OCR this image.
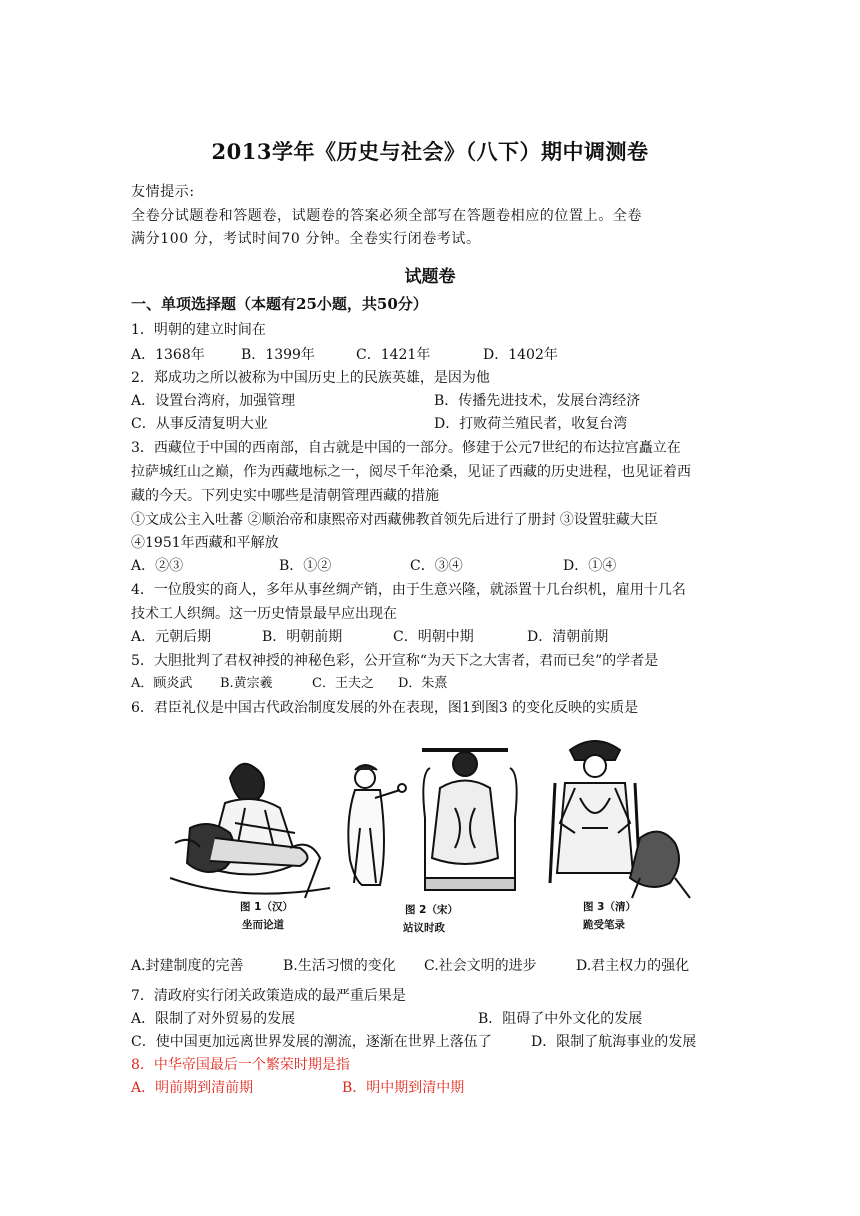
2013学年《历史与社会》（八下）期中调测卷
友情提示:
全卷分试题卷和答题卷，试题卷的答案必须全部写在答题卷相应的位置上。全卷
满分100 分，考试时间70 分钟。全卷实行闭卷考试。
试题卷
一、单项选择题（本题有25小题，共50分）
1．明朝的建立时间在
A．1368年	B．1399年	C．1421年	D．1402年
2．郑成功之所以被称为中国历史上的民族英雄，是因为他
A．设置台湾府，加强管理	B．传播先进技术，发展台湾经济
C．从事反清复明大业	D．打败荷兰殖民者，收复台湾
3．西藏位于中国的西南部，自古就是中国的一部分。修建于公元7世纪的布达拉宫矗立在
拉萨城红山之巅，作为西藏地标之一，阅尽千年沧桑，见证了西藏的历史进程，也见证着西
藏的今天。下列史实中哪些是清朝管理西藏的措施
①文成公主入吐蕃 ②顺治帝和康熙帝对西藏佛教首领先后进行了册封 ③设置驻藏大臣
④1951年西藏和平解放
A．②③	B．①②	C．③④	D．①④
4．一位殷实的商人，多年从事丝绸产销，由于生意兴隆，就添置十几台织机，雇用十几名
技术工人织绸。这一历史情景最早应出现在
A．元朝后期	B．明朝前期	C．明朝中期	D．清朝前期
5．大胆批判了君权神授的神秘色彩，公开宣称“为天下之大害者，君而已矣”的学者是
A．顾炎武 B.黄宗羲	C．王夫之 D．朱熹
6．君臣礼仪是中国古代政治制度发展的外在表现，图1到图3 的变化反映的实质是
图 1（汉）
坐而论道
图 2（宋）
站议时政
图 3（清）
跪受笔录
A.封建制度的完善	B.生活习惯的变化 C.社会文明的进步	D.君主权力的强化
7．清政府实行闭关政策造成的最严重后果是
A．限制了对外贸易的发展	B．阻碍了中外文化的发展
C．使中国更加远离世界发展的潮流，逐渐在世界上落伍了	D．限制了航海事业的发展
8．中华帝国最后一个繁荣时期是指
A．明前期到清前期	B．明中期到清中期
